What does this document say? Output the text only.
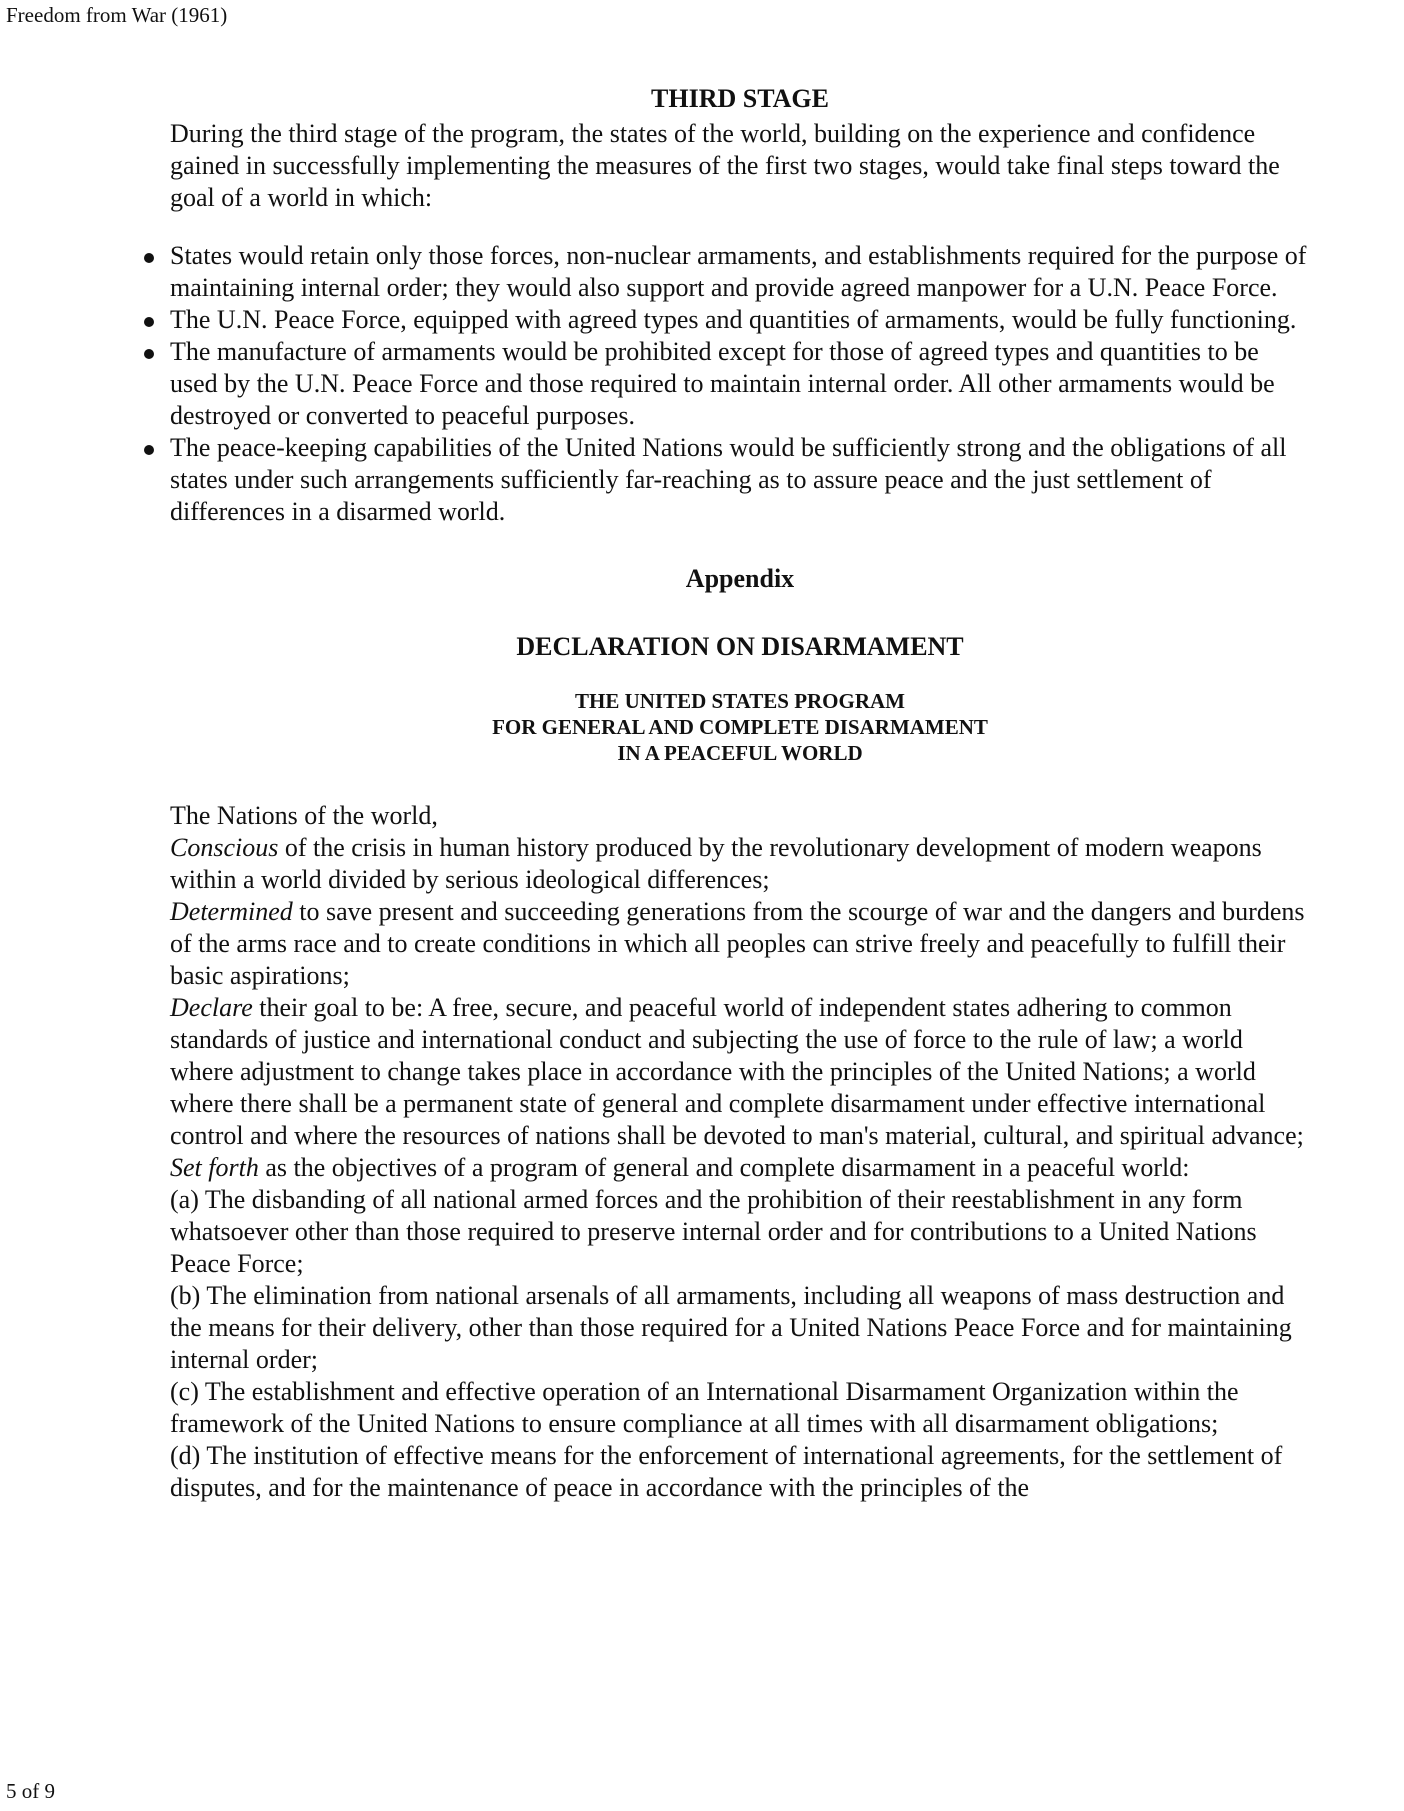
Freedom from War (1961)
THIRD STAGE

During the third stage of the program, the states of the world, building on the experience and confidence gained in successfully implementing the measures of the first two stages, would take final steps toward the goal of a world in which:

States would retain only those forces, non-nuclear armaments, and establishments required for the purpose of maintaining internal order; they would also support and provide agreed manpower for a U.N. Peace Force.
The U.N. Peace Force, equipped with agreed types and quantities of armaments, would be fully functioning.
The manufacture of armaments would be prohibited except for those of agreed types and quantities to be used by the U.N. Peace Force and those required to maintain internal order. All other armaments would be destroyed or converted to peaceful purposes.
The peace-keeping capabilities of the United Nations would be sufficiently strong and the obligations of all states under such arrangements sufficiently far-reaching as to assure peace and the just settlement of differences in a disarmed world.
Appendix
DECLARATION ON DISARMAMENT
THE UNITED STATES PROGRAM
FOR GENERAL AND COMPLETE DISARMAMENT
IN A PEACEFUL WORLD

The Nations of the world,

Conscious of the crisis in human history produced by the revolutionary development of modern weapons within a world divided by serious ideological differences;

Determined to save present and succeeding generations from the scourge of war and the dangers and burdens of the arms race and to create conditions in which all peoples can strive freely and peacefully to fulfill their basic aspirations;

Declare their goal to be: A free, secure, and peaceful world of independent states adhering to common standards of justice and international conduct and subjecting the use of force to the rule of law; a world where adjustment to change takes place in accordance with the principles of the United Nations; a world where there shall be a permanent state of general and complete disarmament under effective international control and where the resources of nations shall be devoted to man's material, cultural, and spiritual advance;

Set forth as the objectives of a program of general and complete disarmament in a peaceful world:

(a) The disbanding of all national armed forces and the prohibition of their reestablishment in any form whatsoever other than those required to preserve internal order and for contributions to a United Nations Peace Force;

(b) The elimination from national arsenals of all armaments, including all weapons of mass destruction and the means for their delivery, other than those required for a United Nations Peace Force and for maintaining internal order;

(c) The establishment and effective operation of an International Disarmament Organization within the framework of the United Nations to ensure compliance at all times with all disarmament obligations;

(d) The institution of effective means for the enforcement of international agreements, for the settlement of disputes, and for the maintenance of peace in accordance with the principles of the

5 of 9
